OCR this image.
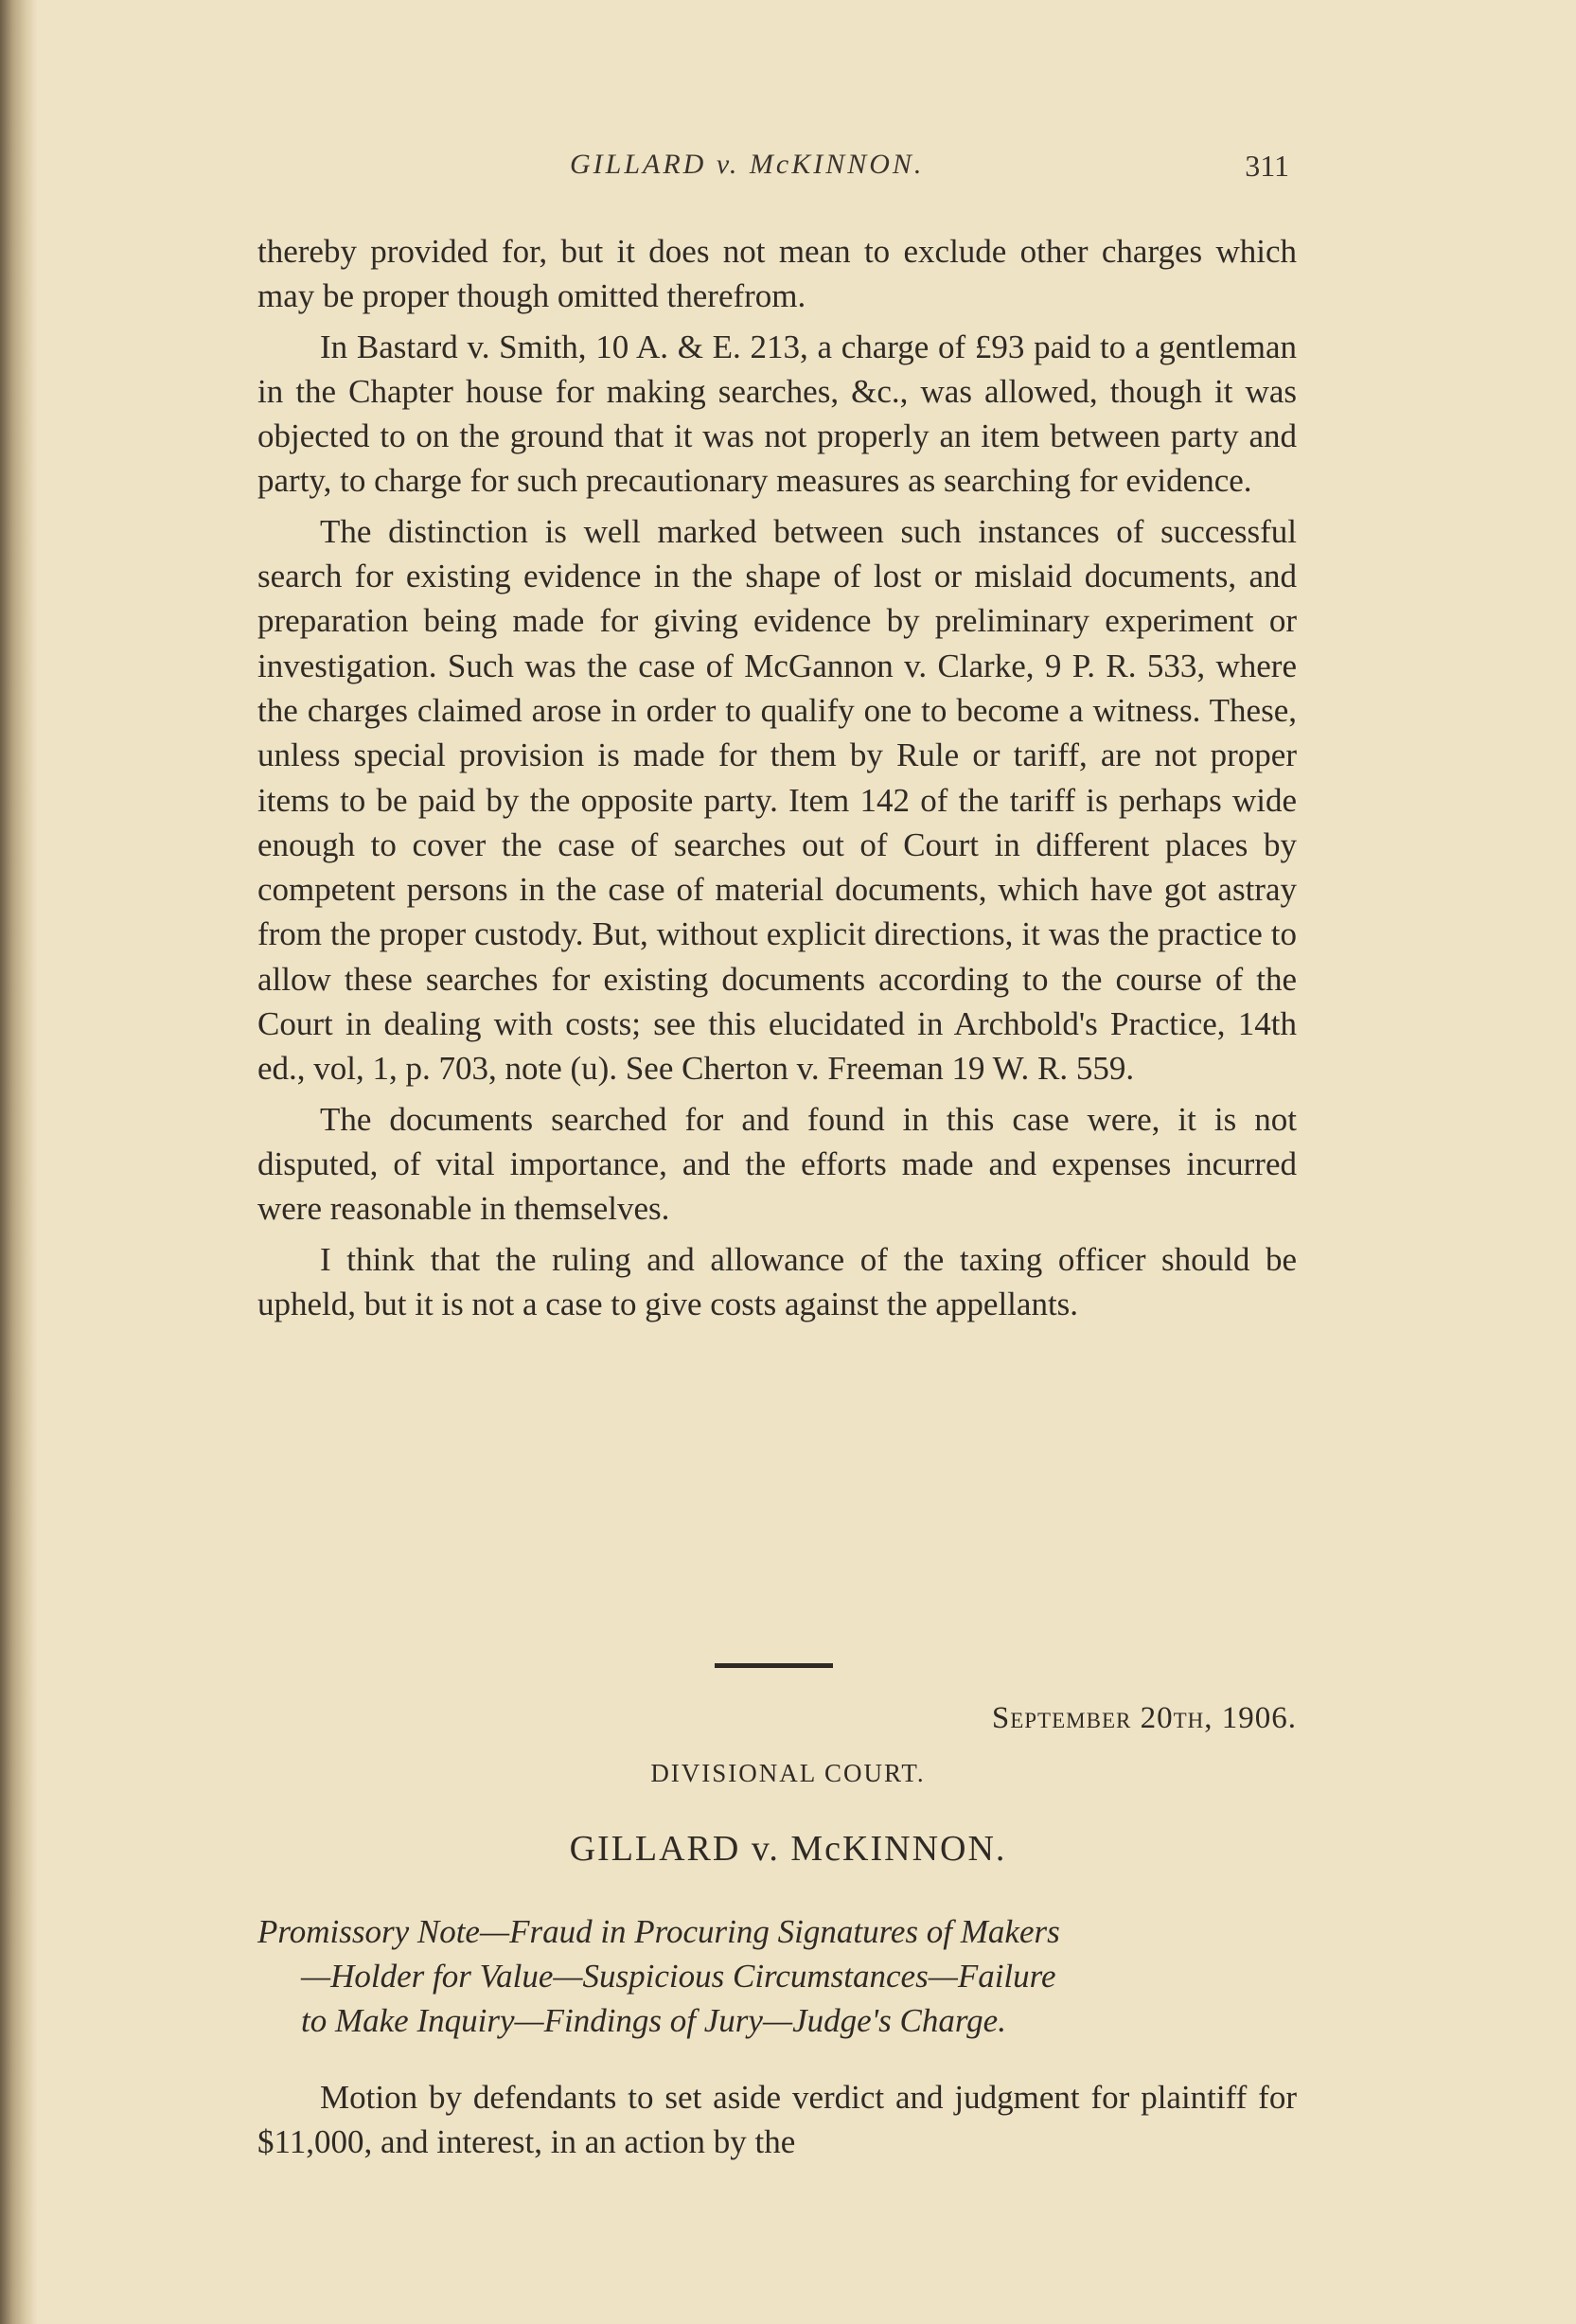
GILLARD v. McKINNON.	311

thereby provided for, but it does not mean to exclude other charges which may be proper though omitted therefrom.

In Bastard v. Smith, 10 A. & E. 213, a charge of £93 paid to a gentleman in the Chapter house for making searches, &c., was allowed, though it was objected to on the ground that it was not properly an item between party and party, to charge for such precautionary measures as searching for evidence.

The distinction is well marked between such instances of successful search for existing evidence in the shape of lost or mislaid documents, and preparation being made for giving evidence by preliminary experiment or investigation. Such was the case of McGannon v. Clarke, 9 P. R. 533, where the charges claimed arose in order to qualify one to become a witness. These, unless special provision is made for them by Rule or tariff, are not proper items to be paid by the opposite party. Item 142 of the tariff is perhaps wide enough to cover the case of searches out of Court in different places by competent persons in the case of material documents, which have got astray from the proper custody. But, without explicit directions, it was the practice to allow these searches for existing documents according to the course of the Court in dealing with costs; see this elucidated in Archbold's Practice, 14th ed., vol, 1, p. 703, note (u). See Cherton v. Freeman 19 W. R. 559.

The documents searched for and found in this case were, it is not disputed, of vital importance, and the efforts made and expenses incurred were reasonable in themselves.

I think that the ruling and allowance of the taxing officer should be upheld, but it is not a case to give costs against the appellants.

September 20th, 1906.
DIVISIONAL COURT.
GILLARD v. McKINNON.
Promissory Note—Fraud in Procuring Signatures of Makers
—Holder for Value—Suspicious Circumstances—Failure
to Make Inquiry—Findings of Jury—Judge's Charge.

Motion by defendants to set aside verdict and judgment for plaintiff for $11,000, and interest, in an action by the
